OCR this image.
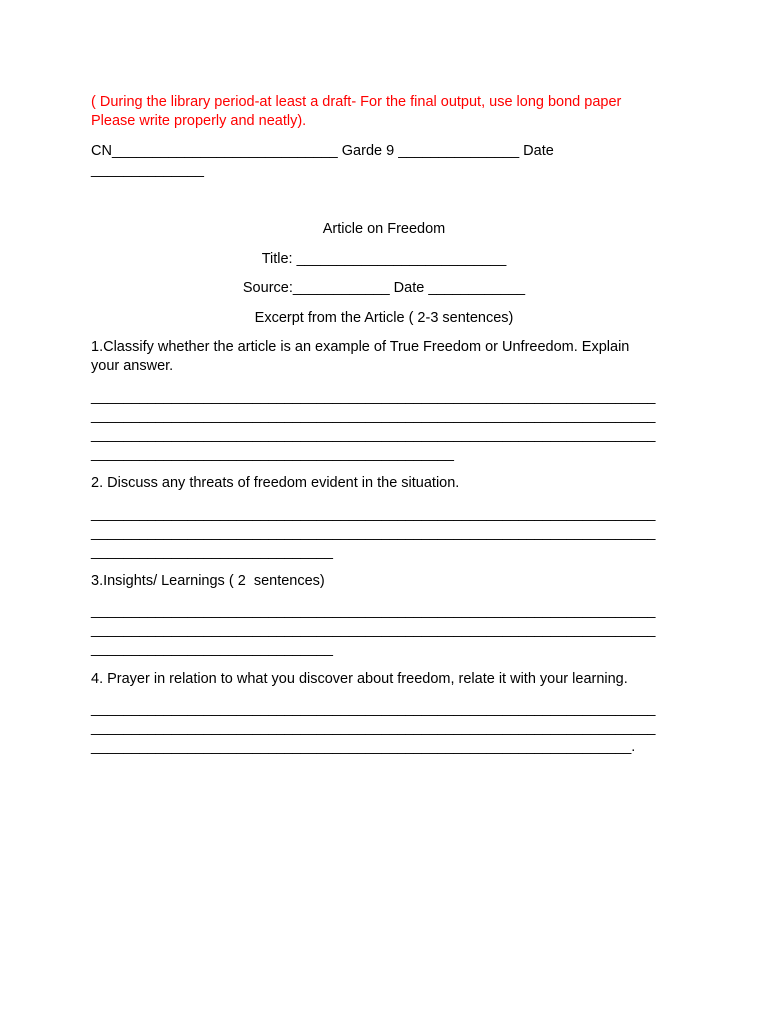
( During the library period-at least a draft- For the final output, use long bond paper
Please write properly and neatly).
CN____________________________ Garde 9 _______________ Date
______________
Article on Freedom
Title: __________________________
Source:____________ Date ____________
Excerpt from the Article ( 2-3 sentences)
1.Classify whether the article is an example of True Freedom or Unfreedom. Explain
your answer.
______________________________________________________________________
______________________________________________________________________
______________________________________________________________________
_____________________________________________
2. Discuss any threats of freedom evident in the situation.
______________________________________________________________________
______________________________________________________________________
______________________________
3.Insights/ Learnings ( 2  sentences)
______________________________________________________________________
______________________________________________________________________
______________________________
4. Prayer in relation to what you discover about freedom, relate it with your learning.
______________________________________________________________________
______________________________________________________________________
___________________________________________________________________.
